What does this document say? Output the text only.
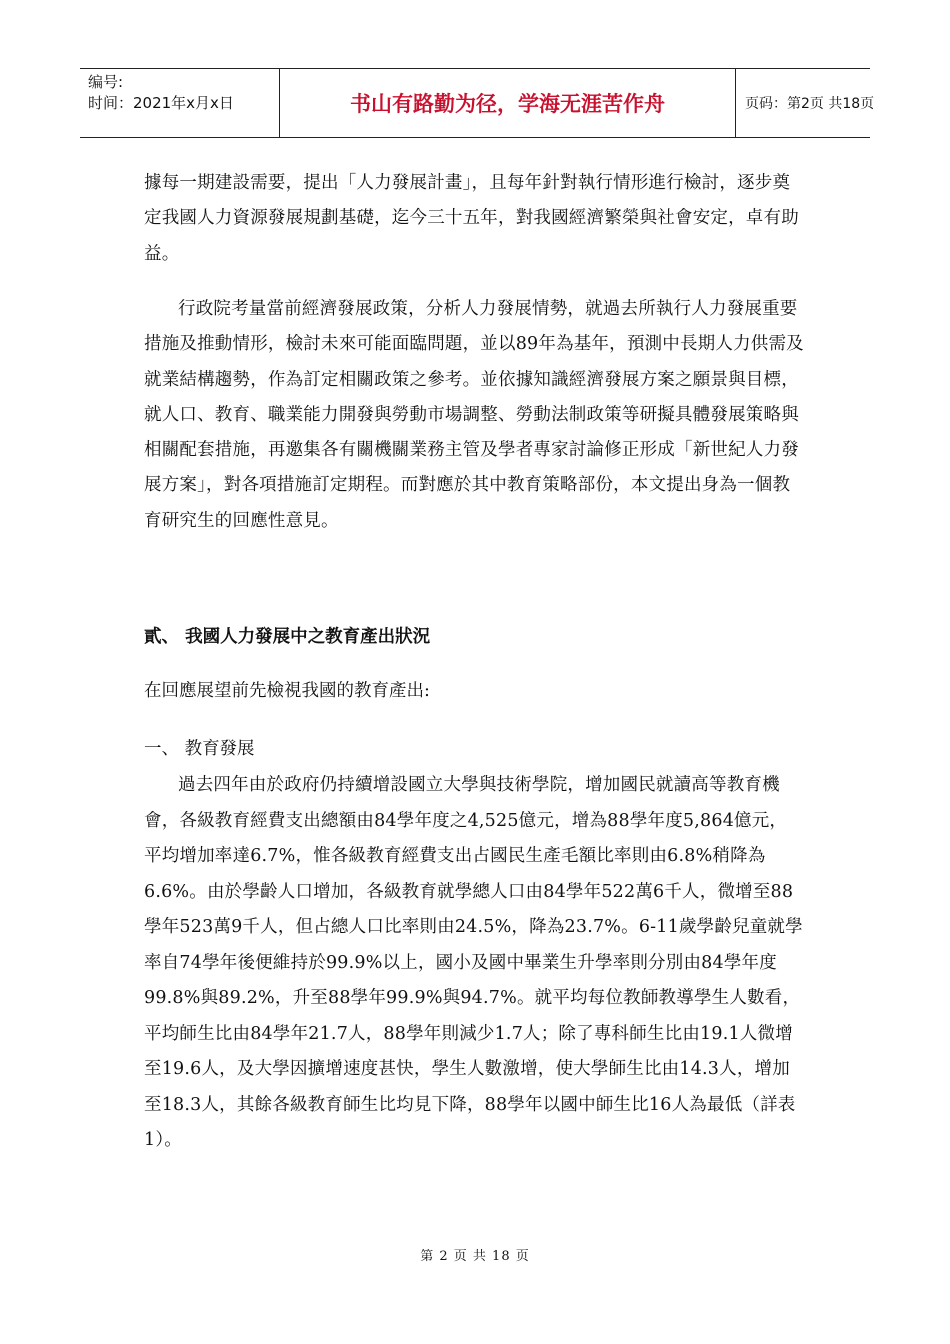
编号:
时间：2021年x月x日	书山有路勤为径，学海无涯苦作舟	页码：第2页 共18页

據每一期建設需要，提出「人力發展計畫」，且每年針對執行情形進行檢討，逐步奠定我國人力資源發展規劃基礎，迄今三十五年，對我國經濟繁榮與社會安定，卓有助益。

行政院考量當前經濟發展政策，分析人力發展情勢，就過去所執行人力發展重要措施及推動情形，檢討未來可能面臨問題，並以89年為基年，預測中長期人力供需及就業結構趨勢，作為訂定相關政策之參考。並依據知識經濟發展方案之願景與目標，就人口、教育、職業能力開發與勞動市場調整、勞動法制政策等研擬具體發展策略與相關配套措施，再邀集各有關機關業務主管及學者專家討論修正形成「新世紀人力發展方案」，對各項措施訂定期程。而對應於其中教育策略部份，本文提出身為一個教育研究生的回應性意見。

貳、 我國人力發展中之教育產出狀況

在回應展望前先檢視我國的教育產出:

一、 教育發展

過去四年由於政府仍持續增設國立大學與技術學院，增加國民就讀高等教育機會，各級教育經費支出總額由84學年度之4,525億元，增為88學年度5,864億元，平均增加率達6.7%，惟各級教育經費支出占國民生產毛額比率則由6.8%稍降為6.6%。由於學齡人口增加，各級教育就學總人口由84學年522萬6千人，微增至88學年523萬9千人，但占總人口比率則由24.5%，降為23.7%。6-11歲學齡兒童就學率自74學年後便維持於99.9%以上，國小及國中畢業生升學率則分別由84學年度99.8%與89.2%，升至88學年99.9%與94.7%。就平均每位教師教導學生人數看，平均師生比由84學年21.7人，88學年則減少1.7人；除了專科師生比由19.1人微增至19.6人，及大學因擴增速度甚快，學生人數激增，使大學師生比由14.3人，增加至18.3人，其餘各級教育師生比均見下降，88學年以國中師生比16人為最低（詳表1）。

第 2 页 共 18 页
